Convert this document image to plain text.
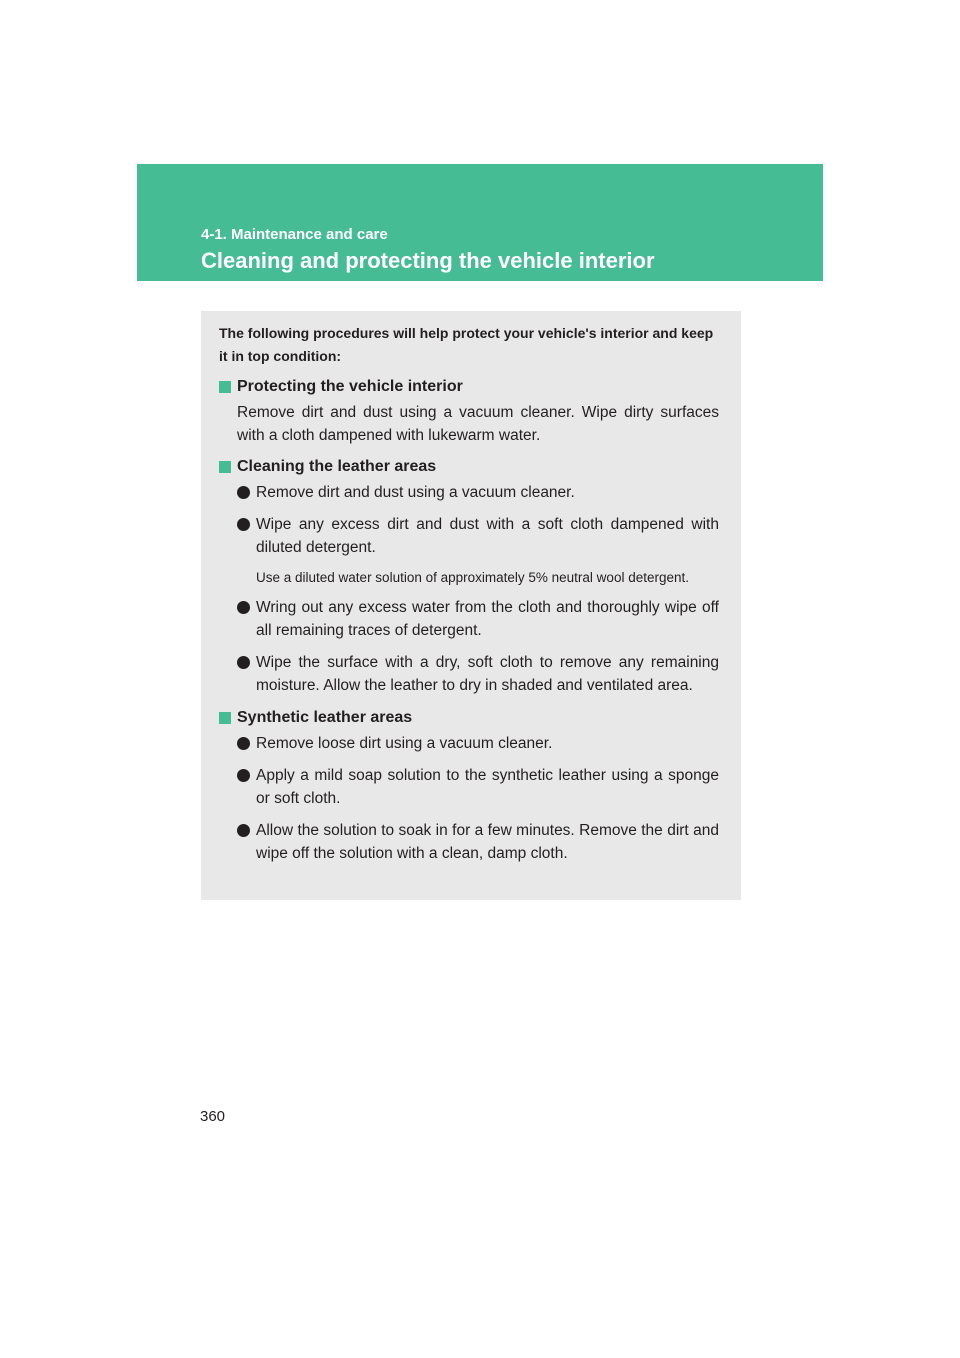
4-1. Maintenance and care
Cleaning and protecting the vehicle interior

The following procedures will help protect your vehicle's interior and keep it in top condition:

Protecting the vehicle interior

Remove dirt and dust using a vacuum cleaner. Wipe dirty surfaces with a cloth dampened with lukewarm water.

Cleaning the leather areas
Remove dirt and dust using a vacuum cleaner.
Wipe any excess dirt and dust with a soft cloth dampened with diluted detergent.

Use a diluted water solution of approximately 5% neutral wool detergent.

Wring out any excess water from the cloth and thoroughly wipe off all remaining traces of detergent.
Wipe the surface with a dry, soft cloth to remove any remaining moisture. Allow the leather to dry in shaded and ventilated area.
Synthetic leather areas
Remove loose dirt using a vacuum cleaner.
Apply a mild soap solution to the synthetic leather using a sponge or soft cloth.
Allow the solution to soak in for a few minutes. Remove the dirt and wipe off the solution with a clean, damp cloth.
360
